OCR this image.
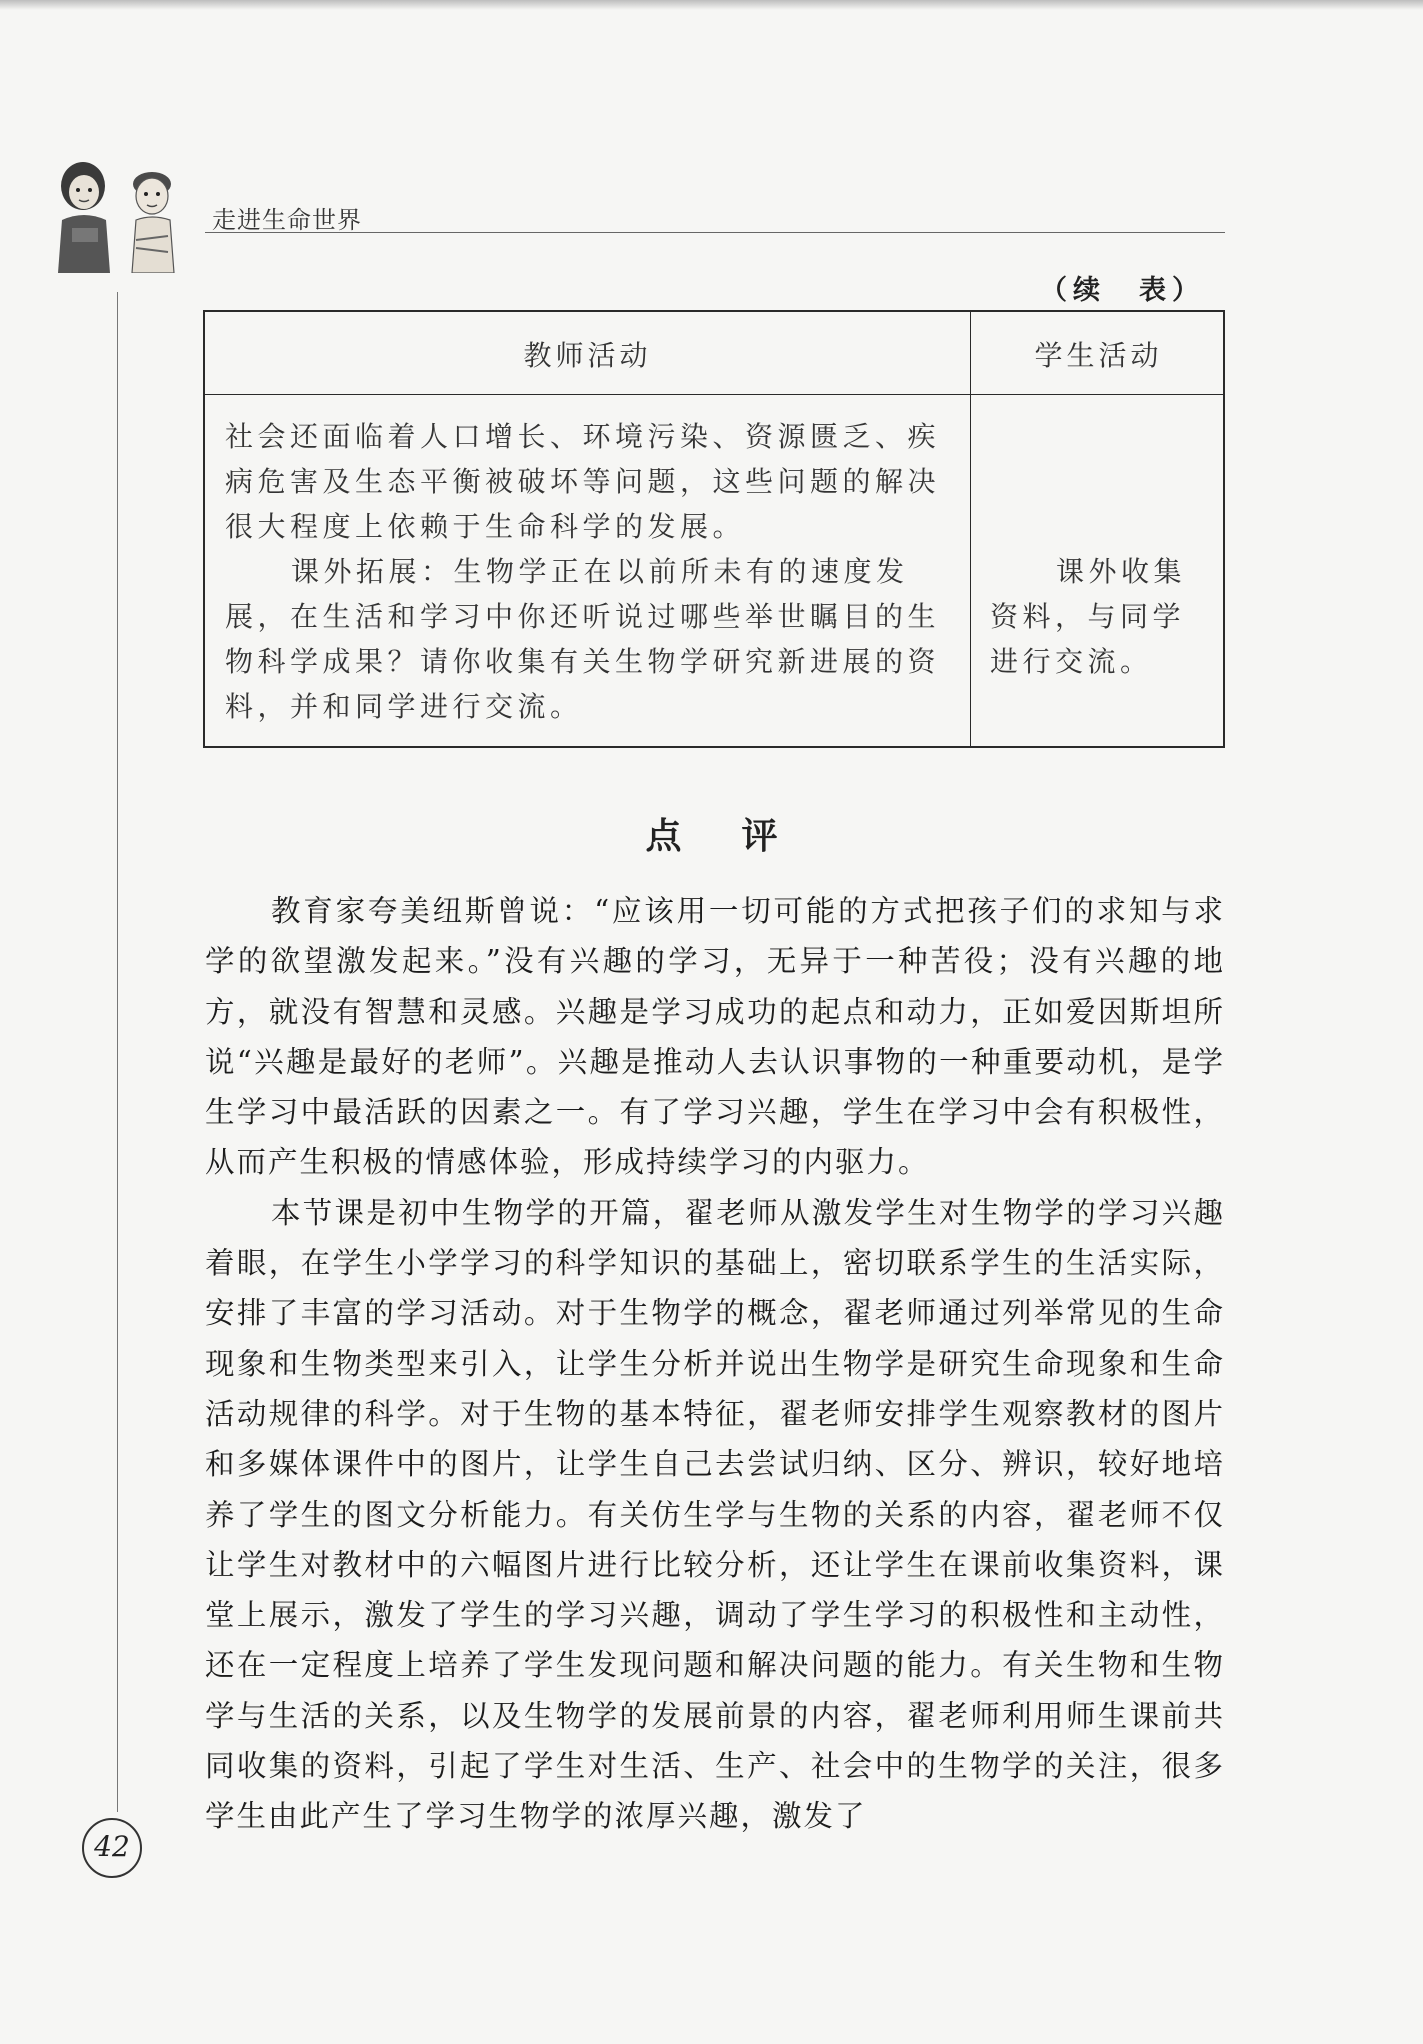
走进生命世界
（续　表）
教师活动	学生活动

社会还面临着人口增长、环境污染、资源匮乏、疾病危害及生态平衡被破坏等问题，这些问题的解决很大程度上依赖于生命科学的发展。

课外拓展：生物学正在以前所未有的速度发展，在生活和学习中你还听说过哪些举世瞩目的生物科学成果？请你收集有关生物学研究新进展的资料，并和同学进行交流。

课外收集资料，与同学进行交流。

点评

教育家夸美纽斯曾说：“应该用一切可能的方式把孩子们的求知与求学的欲望激发起来。”没有兴趣的学习，无异于一种苦役；没有兴趣的地方，就没有智慧和灵感。兴趣是学习成功的起点和动力，正如爱因斯坦所说“兴趣是最好的老师”。兴趣是推动人去认识事物的一种重要动机，是学生学习中最活跃的因素之一。有了学习兴趣，学生在学习中会有积极性，从而产生积极的情感体验，形成持续学习的内驱力。

本节课是初中生物学的开篇，翟老师从激发学生对生物学的学习兴趣着眼，在学生小学学习的科学知识的基础上，密切联系学生的生活实际，安排了丰富的学习活动。对于生物学的概念，翟老师通过列举常见的生命现象和生物类型来引入，让学生分析并说出生物学是研究生命现象和生命活动规律的科学。对于生物的基本特征，翟老师安排学生观察教材的图片和多媒体课件中的图片，让学生自己去尝试归纳、区分、辨识，较好地培养了学生的图文分析能力。有关仿生学与生物的关系的内容，翟老师不仅让学生对教材中的六幅图片进行比较分析，还让学生在课前收集资料，课堂上展示，激发了学生的学习兴趣，调动了学生学习的积极性和主动性，还在一定程度上培养了学生发现问题和解决问题的能力。有关生物和生物学与生活的关系，以及生物学的发展前景的内容，翟老师利用师生课前共同收集的资料，引起了学生对生活、生产、社会中的生物学的关注，很多学生由此产生了学习生物学的浓厚兴趣，激发了

42
